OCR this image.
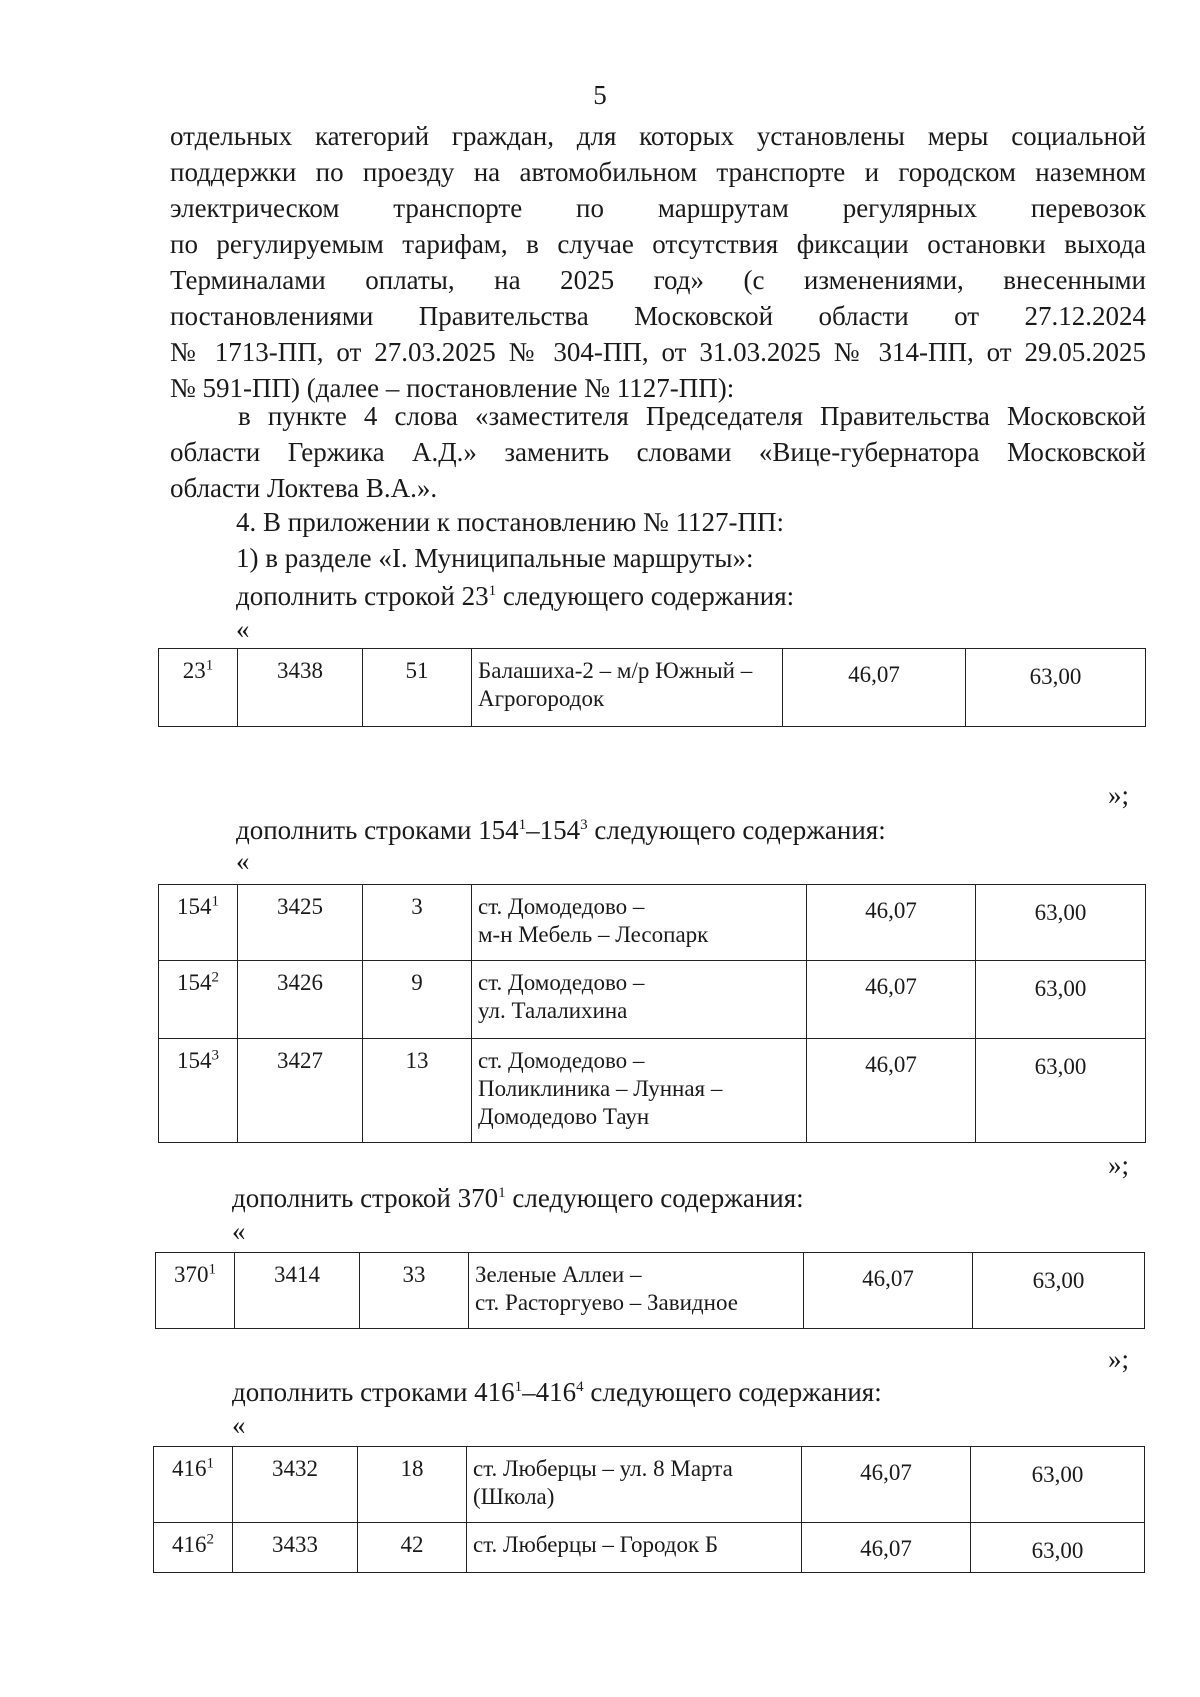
5
отдельных категорий граждан, для которых установлены меры социальной
поддержки по проезду на автомобильном транспорте и городском наземном
электрическом транспорте по маршрутам регулярных перевозок
по регулируемым тарифам, в случае отсутствия фиксации остановки выхода
Терминалами оплаты, на 2025 год» (с изменениями, внесенными
постановлениями Правительства Московской области от 27.12.2024
№ 1713-ПП, от 27.03.2025 № 304-ПП, от 31.03.2025 № 314-ПП, от 29.05.2025
№ 591-ПП) (далее – постановление № 1127-ПП):
в пункте 4 слова «заместителя Председателя Правительства Московской
области Гержика А.Д.» заменить словами «Вице-губернатора Московской
области Локтева В.А.».
4. В приложении к постановлению № 1127-ПП:
1) в разделе «I. Муниципальные маршруты»:
дополнить строкой $23^1$ следующего содержания:
«
$23^1$	3438	51	Балашиха-2 – м/р Южный –
Агрогородок
	46,07	63,00
»;
дополнить строками $154^1-154^3$ следующего содержания:
«
$154^1$	3425	3	ст. Домодедово –
м-н Мебель – Лесопарк	46,07	63,00
$154^2$	3426	9	ст. Домодедово –
ул. Талалихина	46,07	63,00
$154^3$	3427	13	ст. Домодедово –
Поликлиника – Лунная –
Домодедово Таун	46,07	63,00
»;
дополнить строкой $370^1$ следующего содержания:
«
$370^1$	3414	33	Зеленые Аллеи –
ст. Расторгуево – Завидное
	46,07	63,00
»;
дополнить строками $416^1-416^4$ следующего содержания:
«
$416^1$	3432	18	ст. Люберцы – ул. 8 Марта
(Школа)	46,07	63,00
$416^2$	3433	42	ст. Люберцы – Городок Б	46,07	63,00
